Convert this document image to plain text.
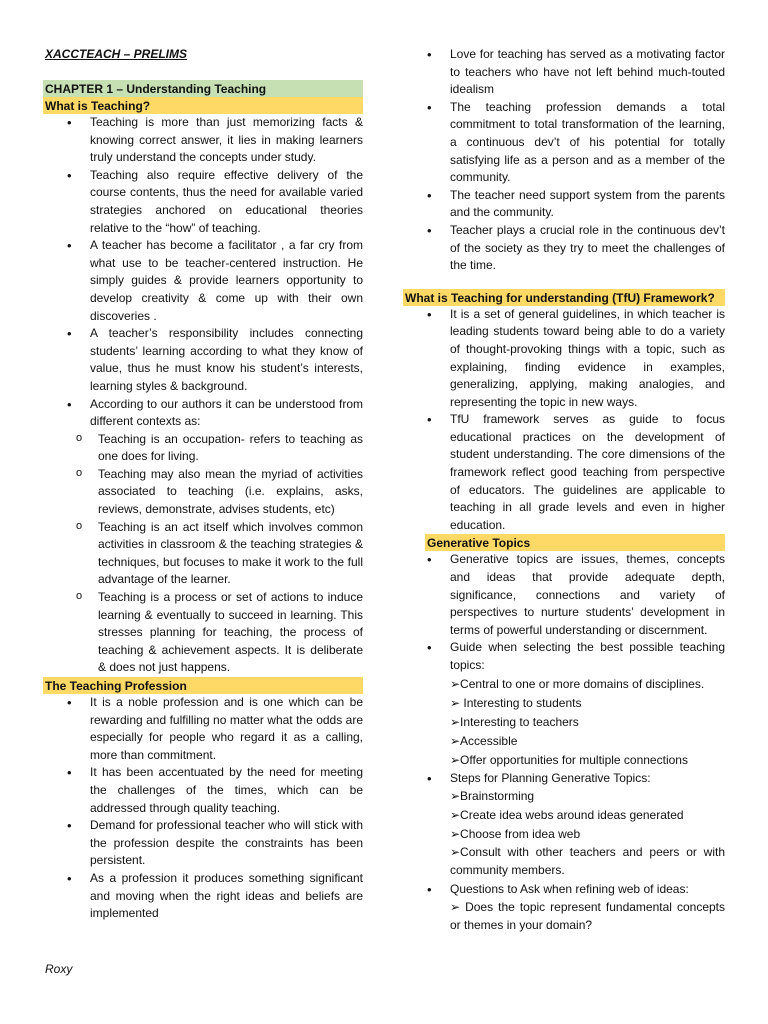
XACCTEACH – PRELIMS
CHAPTER 1 – Understanding Teaching
What is Teaching?
• Teaching is more than just memorizing facts & knowing correct answer, it lies in making learners truly understand the concepts under study.
• Teaching also require effective delivery of the course contents, thus the need for available varied strategies anchored on educational theories relative to the “how” of teaching.
• A teacher has become a facilitator , a far cry from what use to be teacher-centered instruction. He simply guides & provide learners opportunity to develop creativity & come up with their own discoveries .
• A teacher’s responsibility includes connecting students’ learning according to what they know of value, thus he must know his student’s interests, learning styles & background.
• According to our authors it can be understood from different contexts as:
o Teaching is an occupation- refers to teaching as one does for living.
o Teaching may also mean the myriad of activities associated to teaching (i.e. explains, asks, reviews, demonstrate, advises students, etc)
o Teaching is an act itself which involves common activities in classroom & the teaching strategies & techniques, but focuses to make it work to the full advantage of the learner.
o Teaching is a process or set of actions to induce learning & eventually to succeed in learning. This stresses planning for teaching, the process of teaching & achievement aspects. It is deliberate & does not just happens.
The Teaching Profession
• It is a noble profession and is one which can be rewarding and fulfilling no matter what the odds are especially for people who regard it as a calling, more than commitment.
• It has been accentuated by the need for meeting the challenges of the times, which can be addressed through quality teaching.
• Demand for professional teacher who will stick with the profession despite the constraints has been persistent.
• As a profession it produces something significant and moving when the right ideas and beliefs are implemented
• Love for teaching has served as a motivating factor to teachers who have not left behind much-touted idealism
• The teaching profession demands a total commitment to total transformation of the learning, a continuous dev’t of his potential for totally satisfying life as a person and as a member of the community.
• The teacher need support system from the parents and the community.
• Teacher plays a crucial role in the continuous dev’t of the society as they try to meet the challenges of the time.
What is Teaching for understanding (TfU) Framework?
• It is a set of general guidelines, in which teacher is leading students toward being able to do a variety of thought-provoking things with a topic, such as explaining, finding evidence in examples, generalizing, applying, making analogies, and representing the topic in new ways.
• TfU framework serves as guide to focus educational practices on the development of student understanding. The core dimensions of the framework reflect good teaching from perspective of educators. The guidelines are applicable to teaching in all grade levels and even in higher education.
Generative Topics
• Generative topics are issues, themes, concepts and ideas that provide adequate depth, significance, connections and variety of perspectives to nurture students’ development in terms of powerful understanding or discernment.
• Guide when selecting the best possible teaching topics:
➢Central to one or more domains of disciplines.
➢ Interesting to students
➢Interesting to teachers
➢Accessible
➢Offer opportunities for multiple connections
• Steps for Planning Generative Topics:
➢Brainstorming
➢Create idea webs around ideas generated
➢Choose from idea web
➢Consult with other teachers and peers or with community members.
• Questions to Ask when refining web of ideas:
➢ Does the topic represent fundamental concepts or themes in your domain?
Roxy
